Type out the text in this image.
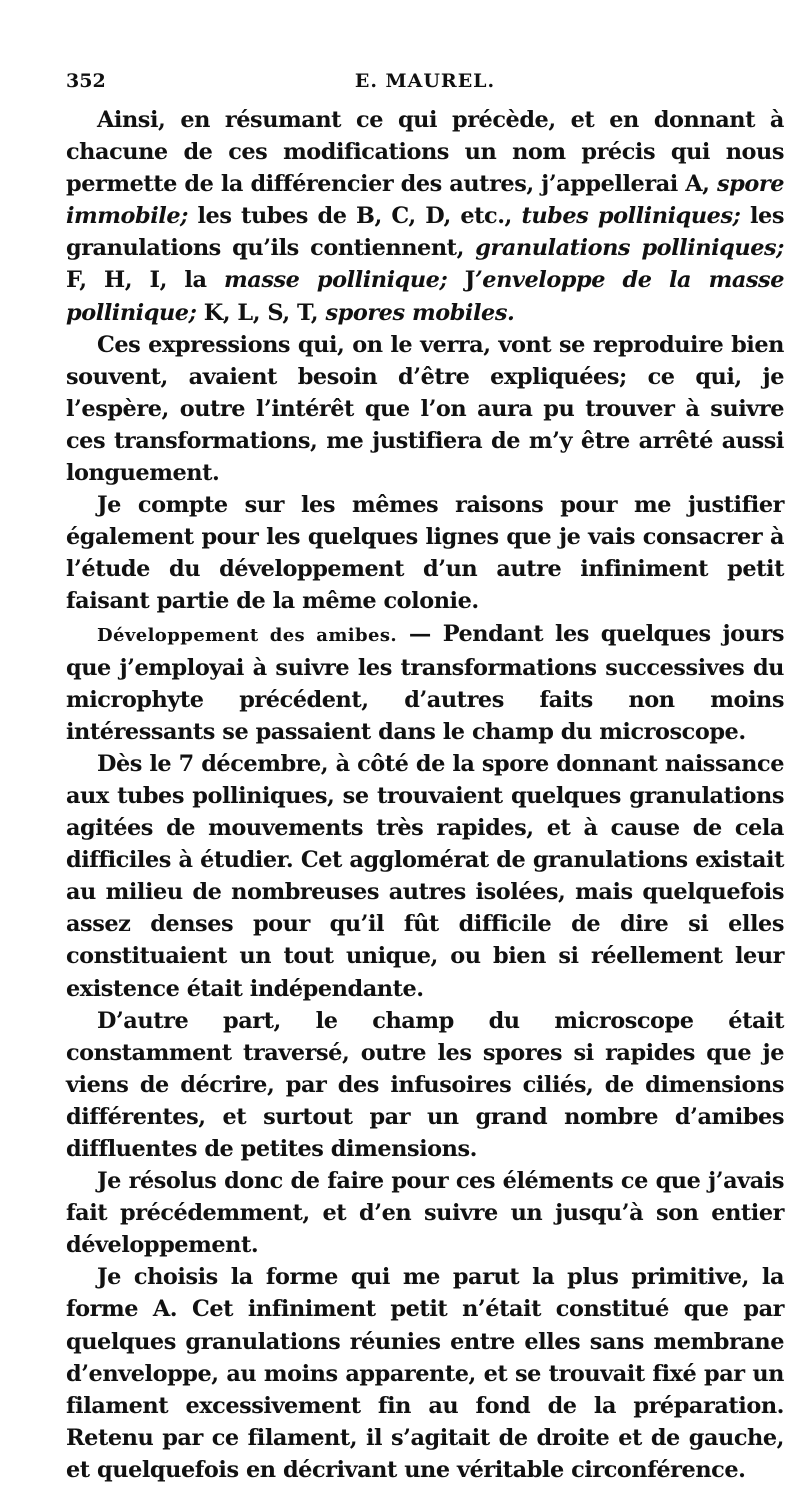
352	E. MAUREL.

Ainsi, en résumant ce qui précède, et en donnant à chacune de ces modifications un nom précis qui nous permette de la différencier des autres, j’appellerai A, spore immobile; les tubes de B, C, D, etc., tubes polliniques; les granulations qu’ils contiennent, granulations polliniques; F, H, I, la masse pollinique; J’enveloppe de la masse pollinique; K, L, S, T, spores mobiles.

Ces expressions qui, on le verra, vont se reproduire bien souvent, avaient besoin d’être expliquées; ce qui, je l’espère, outre l’intérêt que l’on aura pu trouver à suivre ces transformations, me justifiera de m’y être arrêté aussi longuement.

Je compte sur les mêmes raisons pour me justifier également pour les quelques lignes que je vais consacrer à l’étude du développement d’un autre infiniment petit faisant partie de la même colonie.

Développement des amibes. — Pendant les quelques jours que j’employai à suivre les transformations successives du microphyte précédent, d’autres faits non moins intéressants se passaient dans le champ du microscope.

Dès le 7 décembre, à côté de la spore donnant naissance aux tubes polliniques, se trouvaient quelques granulations agitées de mouvements très rapides, et à cause de cela difficiles à étudier. Cet agglomérat de granulations existait au milieu de nombreuses autres isolées, mais quelquefois assez denses pour qu’il fût difficile de dire si elles constituaient un tout unique, ou bien si réellement leur existence était indépendante.

D’autre part, le champ du microscope était constamment traversé, outre les spores si rapides que je viens de décrire, par des infusoires ciliés, de dimensions différentes, et surtout par un grand nombre d’amibes diffluentes de petites dimensions.

Je résolus donc de faire pour ces éléments ce que j’avais fait précédemment, et d’en suivre un jusqu’à son entier développement.

Je choisis la forme qui me parut la plus primitive, la forme A. Cet infiniment petit n’était constitué que par quelques granulations réunies entre elles sans membrane d’enveloppe, au moins apparente, et se trouvait fixé par un filament excessivement fin au fond de la préparation. Retenu par ce filament, il s’agitait de droite et de gauche, et quelquefois en décrivant une véritable circonférence.
